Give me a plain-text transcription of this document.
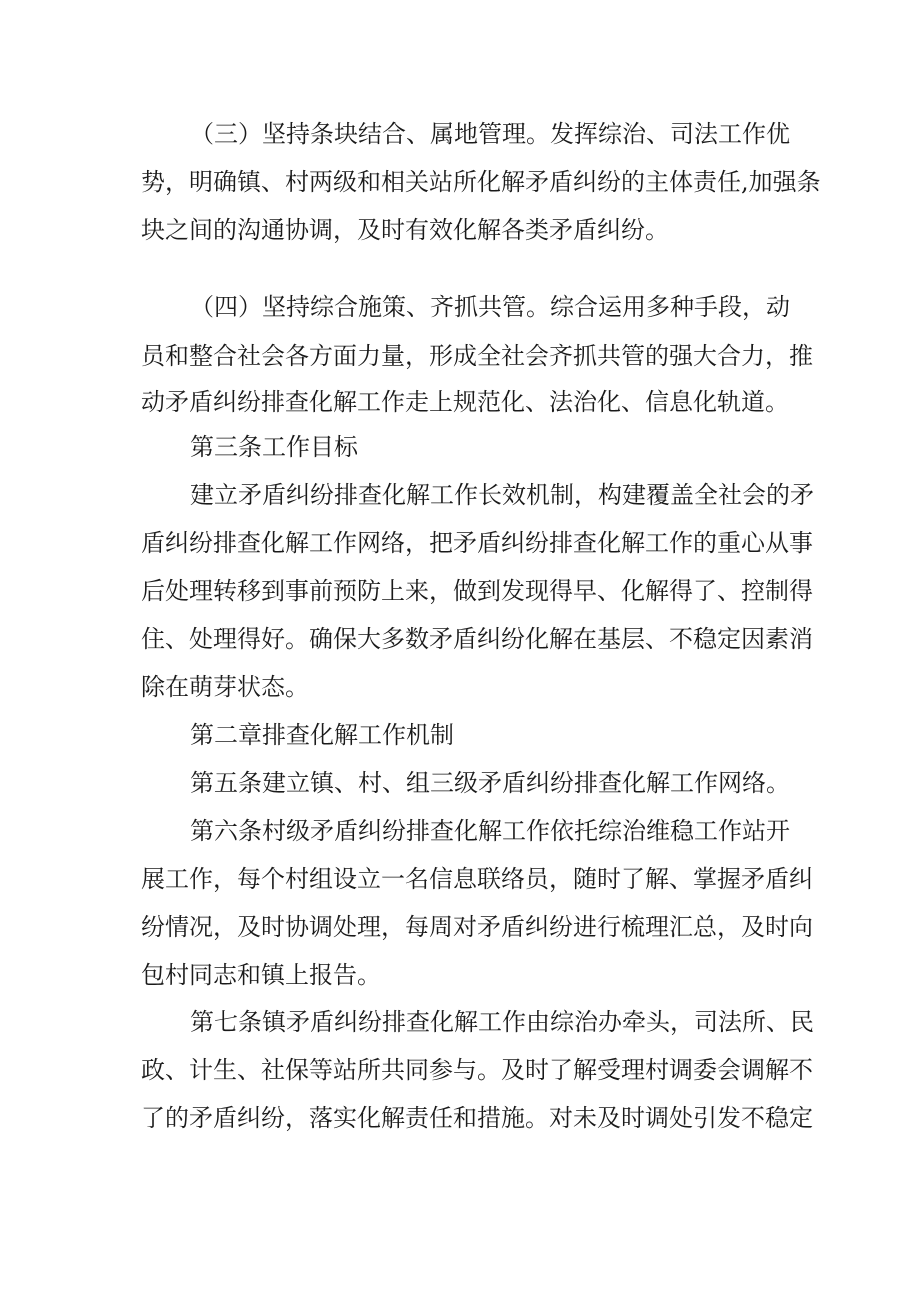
（三）坚持条块结合、属地管理。发挥综治、司法工作优

势，明确镇、村两级和相关站所化解矛盾纠纷的主体责任,加强条

块之间的沟通协调，及时有效化解各类矛盾纠纷。

（四）坚持综合施策、齐抓共管。综合运用多种手段，动

员和整合社会各方面力量，形成全社会齐抓共管的强大合力，推

动矛盾纠纷排查化解工作走上规范化、法治化、信息化轨道。

第三条工作目标

建立矛盾纠纷排查化解工作长效机制，构建覆盖全社会的矛

盾纠纷排查化解工作网络，把矛盾纠纷排查化解工作的重心从事

后处理转移到事前预防上来，做到发现得早、化解得了、控制得

住、处理得好。确保大多数矛盾纠纷化解在基层、不稳定因素消

除在萌芽状态。

第二章排查化解工作机制

第五条建立镇、村、组三级矛盾纠纷排查化解工作网络。

第六条村级矛盾纠纷排查化解工作依托综治维稳工作站开

展工作，每个村组设立一名信息联络员，随时了解、掌握矛盾纠

纷情况，及时协调处理，每周对矛盾纠纷进行梳理汇总，及时向

包村同志和镇上报告。

第七条镇矛盾纠纷排查化解工作由综治办牵头，司法所、民

政、计生、社保等站所共同参与。及时了解受理村调委会调解不

了的矛盾纠纷，落实化解责任和措施。对未及时调处引发不稳定
